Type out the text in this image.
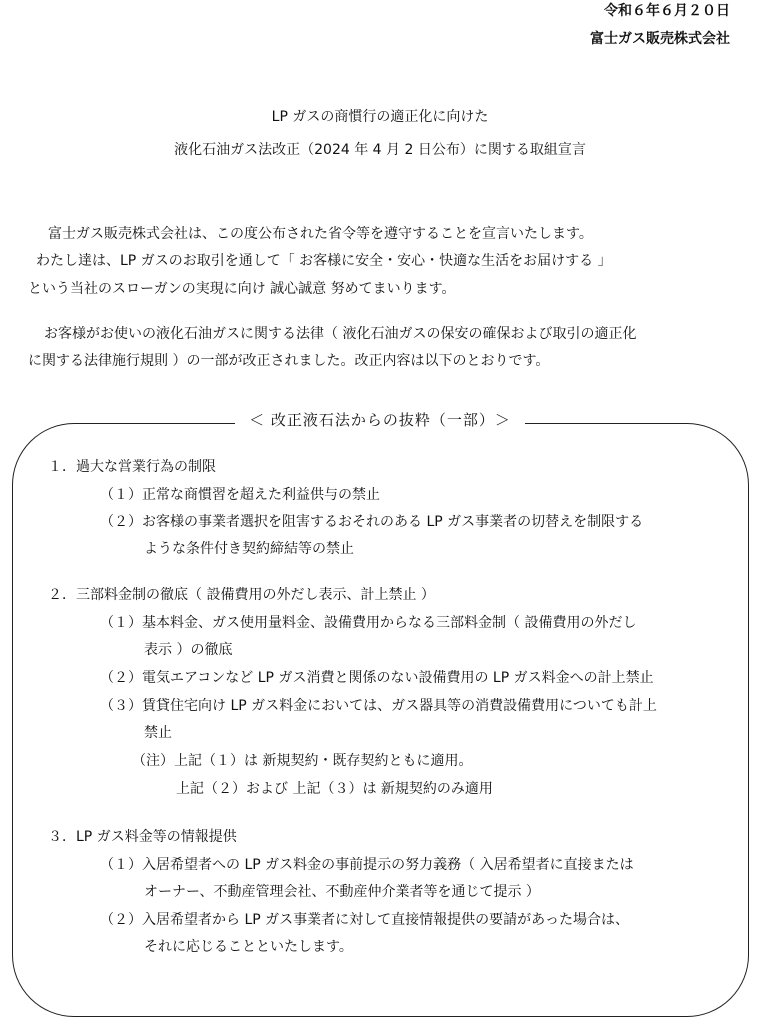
令和６年６月２０日
富士ガス販売株式会社
LP ガスの商慣行の適正化に向けた
液化石油ガス法改正（2024 年 4 月 2 日公布）に関する取組宣言
富士ガス販売株式会社は、この度公布された省令等を遵守することを宣言いたします。
わたし達は、LP ガスのお取引を通して「 お客様に安全・安心・快適な生活をお届けする 」
という当社のスローガンの実現に向け 誠心誠意 努めてまいります。
お客様がお使いの液化石油ガスに関する法律（ 液化石油ガスの保安の確保および取引の適正化
に関する法律施行規則 ）の一部が改正されました。改正内容は以下のとおりです。
＜ 改正液石法からの抜粋（一部）＞
１．過大な営業行為の制限
（１）正常な商慣習を超えた利益供与の禁止
（２）お客様の事業者選択を阻害するおそれのある LP ガス事業者の切替えを制限する
ような条件付き契約締結等の禁止
２．三部料金制の徹底（ 設備費用の外だし表示、計上禁止 ）
（１）基本料金、ガス使用量料金、設備費用からなる三部料金制（ 設備費用の外だし
表示 ）の徹底
（２）電気エアコンなど LP ガス消費と関係のない設備費用の LP ガス料金への計上禁止
（３）賃貸住宅向け LP ガス料金においては、ガス器具等の消費設備費用についても計上
禁止
（注）上記（１）は 新規契約・既存契約ともに適用。
上記（２）および 上記（３）は 新規契約のみ適用
３．LP ガス料金等の情報提供
（１）入居希望者への LP ガス料金の事前提示の努力義務（ 入居希望者に直接または
オーナー、不動産管理会社、不動産仲介業者等を通じて提示 ）
（２）入居希望者から LP ガス事業者に対して直接情報提供の要請があった場合は、
それに応じることといたします。
